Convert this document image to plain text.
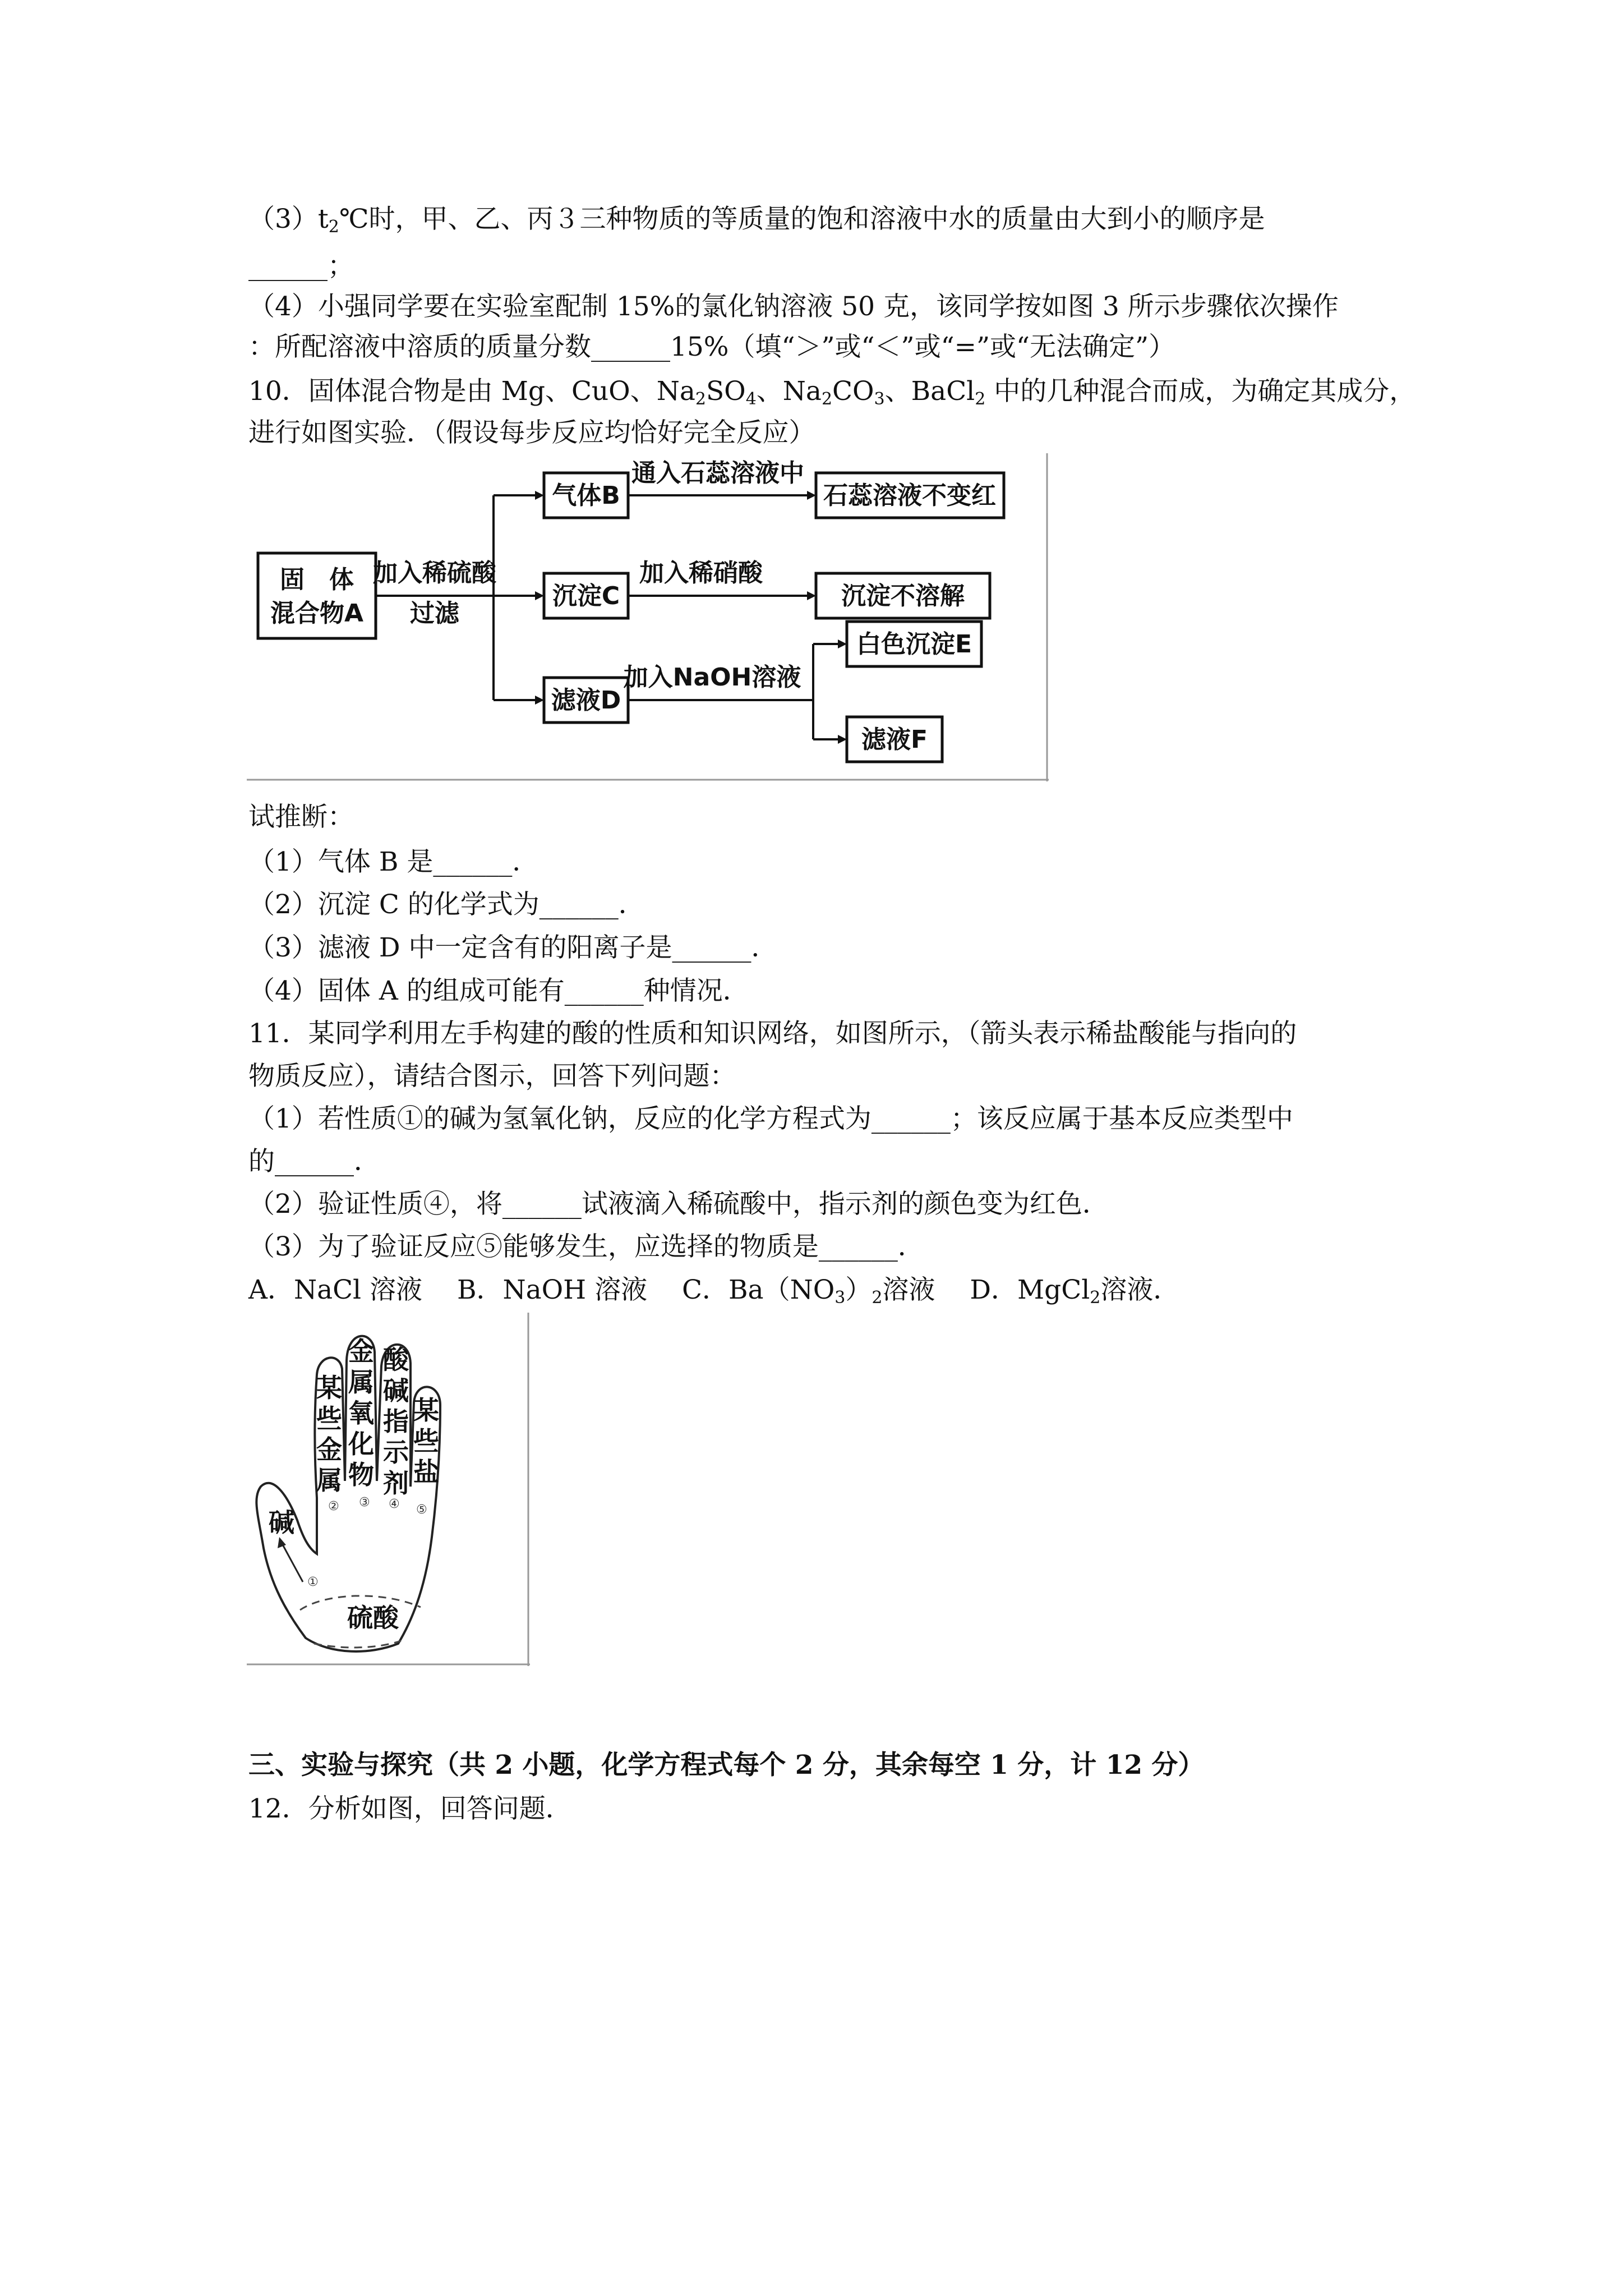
$(3)t_2℃$时，甲、乙、丙３三种物质的等质量的饱和溶液中水的质量由大到小的顺序是
______；
（4）小强同学要在实验室配制 15%的氯化钠溶液 50 克，该同学按如图 3 所示步骤依次操作
：所配溶液中溶质的质量分数______15%（填“＞”或“＜”或“=”或“无法确定”）
10．固体混合物是由 Mg、CuO、$Na_2SO_4$、$Na_2CO_3$、BaCl$_2$ 中的几种混合而成，为确定其成分，
进行如图实验．（假设每步反应均恰好完全反应）
固　体
混合物A
加入稀硫酸
过滤
气体B
通入石蕊溶液中
石蕊溶液不变红
沉淀C
加入稀硝酸
沉淀不溶解
滤液D
加入NaOH溶液
白色沉淀E
滤液F
试推断：
（1）气体 B 是______．
（2）沉淀 C 的化学式为______．
（3）滤液 D 中一定含有的阳离子是______．
（4）固体 A 的组成可能有______种情况．
11．某同学利用左手构建的酸的性质和知识网络，如图所示，（箭头表示稀盐酸能与指向的
物质反应），请结合图示，回答下列问题：
（1）若性质①的碱为氢氧化钠，反应的化学方程式为______；该反应属于基本反应类型中
的______．
（2）验证性质④，将______试液滴入稀硫酸中，指示剂的颜色变为红色．
（3）为了验证反应⑤能够发生，应选择的物质是______．
A．NaCl 溶液　 B．NaOH 溶液　 C．$Ba(NO_3)_2$溶液　 D．MgCl$_2$溶液．
某
些
金
属
金
属
氧
化
物
酸
碱
指
示
剂
某
些
盐
碱
①
② ③ ④ ⑤
硫酸
三、实验与探究（共 2 小题，化学方程式每个 2 分，其余每空 1 分，计 12 分）
12．分析如图，回答问题．
